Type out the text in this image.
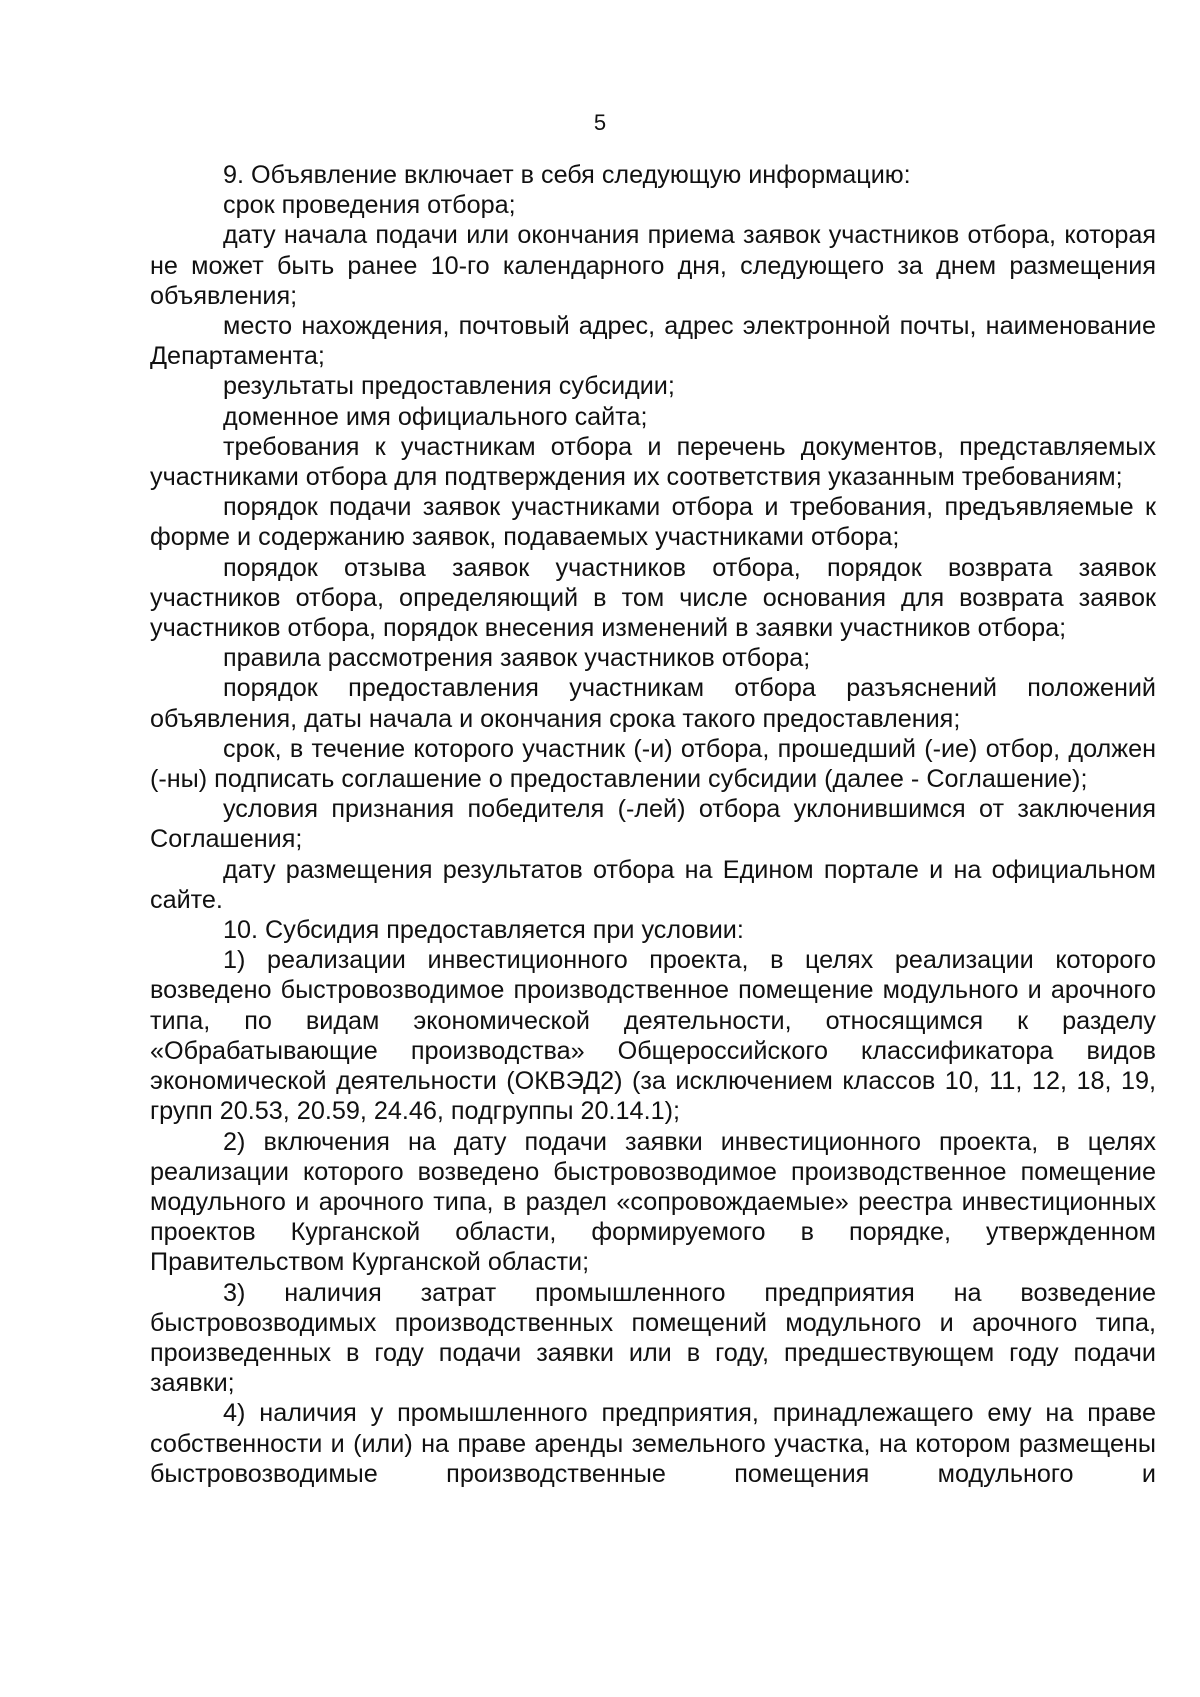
5

9. Объявление включает в себя следующую информацию:

срок проведения отбора;

дату начала подачи или окончания приема заявок участников отбора, которая не может быть ранее 10-го календарного дня, следующего за днем размещения объявления;

место нахождения, почтовый адрес, адрес электронной почты, наименование Департамента;

результаты предоставления субсидии;

доменное имя официального сайта;

требования к участникам отбора и перечень документов, представляемых участниками отбора для подтверждения их соответствия указанным требованиям;

порядок подачи заявок участниками отбора и требования, предъявляемые к форме и содержанию заявок, подаваемых участниками отбора;

порядок отзыва заявок участников отбора, порядок возврата заявок участников отбора, определяющий в том числе основания для возврата заявок участников отбора, порядок внесения изменений в заявки участников отбора;

правила рассмотрения заявок участников отбора;

порядок предоставления участникам отбора разъяснений положений объявления, даты начала и окончания срока такого предоставления;

срок, в течение которого участник (-и) отбора, прошедший (-ие) отбор, должен (-ны) подписать соглашение о предоставлении субсидии (далее - Соглашение);

условия признания победителя (-лей) отбора уклонившимся от заключения Соглашения;

дату размещения результатов отбора на Едином портале и на официальном сайте.

10. Субсидия предоставляется при условии:

1) реализации инвестиционного проекта, в целях реализации которого возведено быстровозводимое производственное помещение модульного и арочного типа, по видам экономической деятельности, относящимся к разделу «Обрабатывающие производства» Общероссийского классификатора видов экономической деятельности (ОКВЭД2) (за исключением классов 10, 11, 12, 18, 19, групп 20.53, 20.59, 24.46, подгруппы 20.14.1);

2) включения на дату подачи заявки инвестиционного проекта, в целях реализации которого возведено быстровозводимое производственное помещение модульного и арочного типа, в раздел «сопровождаемые» реестра инвестиционных проектов Курганской области, формируемого в порядке, утвержденном Правительством Курганской области;

3) наличия затрат промышленного предприятия на возведение быстровозводимых производственных помещений модульного и арочного типа, произведенных в году подачи заявки или в году, предшествующем году подачи заявки;

4) наличия у промышленного предприятия, принадлежащего ему на праве собственности и (или) на праве аренды земельного участка, на котором размещены быстровозводимые производственные помещения модульного и
